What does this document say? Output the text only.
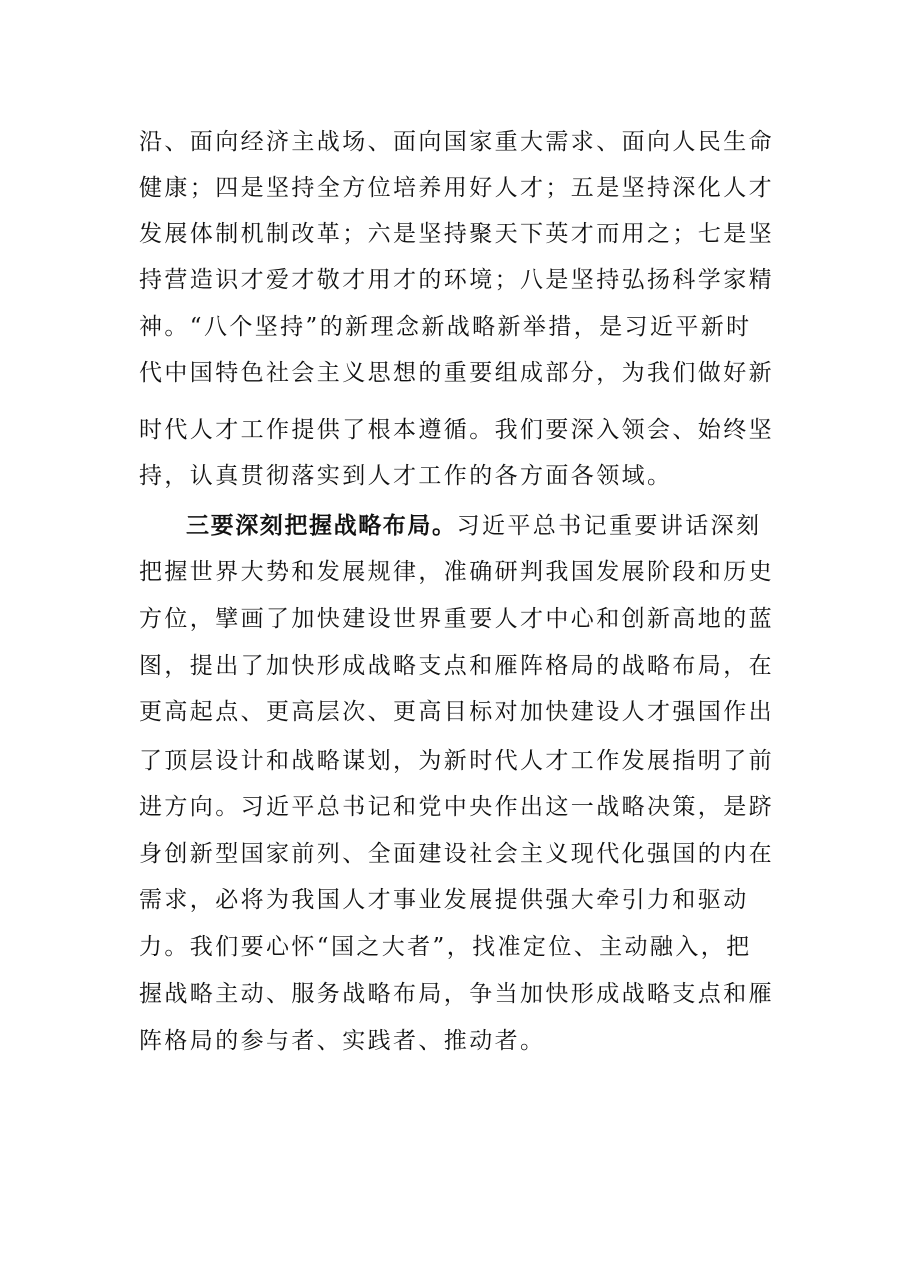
沿、面向经济主战场、面向国家重大需求、面向人民生命
健康；四是坚持全方位培养用好人才；五是坚持深化人才
发展体制机制改革；六是坚持聚天下英才而用之；七是坚
持营造识才爱才敬才用才的环境；八是坚持弘扬科学家精
神。“八个坚持”的新理念新战略新举措，是习近平新时
代中国特色社会主义思想的重要组成部分，为我们做好新
时代人才工作提供了根本遵循。我们要深入领会、始终坚
持，认真贯彻落实到人才工作的各方面各领域。
三要深刻把握战略布局。习近平总书记重要讲话深刻
把握世界大势和发展规律，准确研判我国发展阶段和历史
方位，擘画了加快建设世界重要人才中心和创新高地的蓝
图，提出了加快形成战略支点和雁阵格局的战略布局，在
更高起点、更高层次、更高目标对加快建设人才强国作出
了顶层设计和战略谋划，为新时代人才工作发展指明了前
进方向。习近平总书记和党中央作出这一战略决策，是跻
身创新型国家前列、全面建设社会主义现代化强国的内在
需求，必将为我国人才事业发展提供强大牵引力和驱动
力。我们要心怀“国之大者”，找准定位、主动融入，把
握战略主动、服务战略布局，争当加快形成战略支点和雁
阵格局的参与者、实践者、推动者。
